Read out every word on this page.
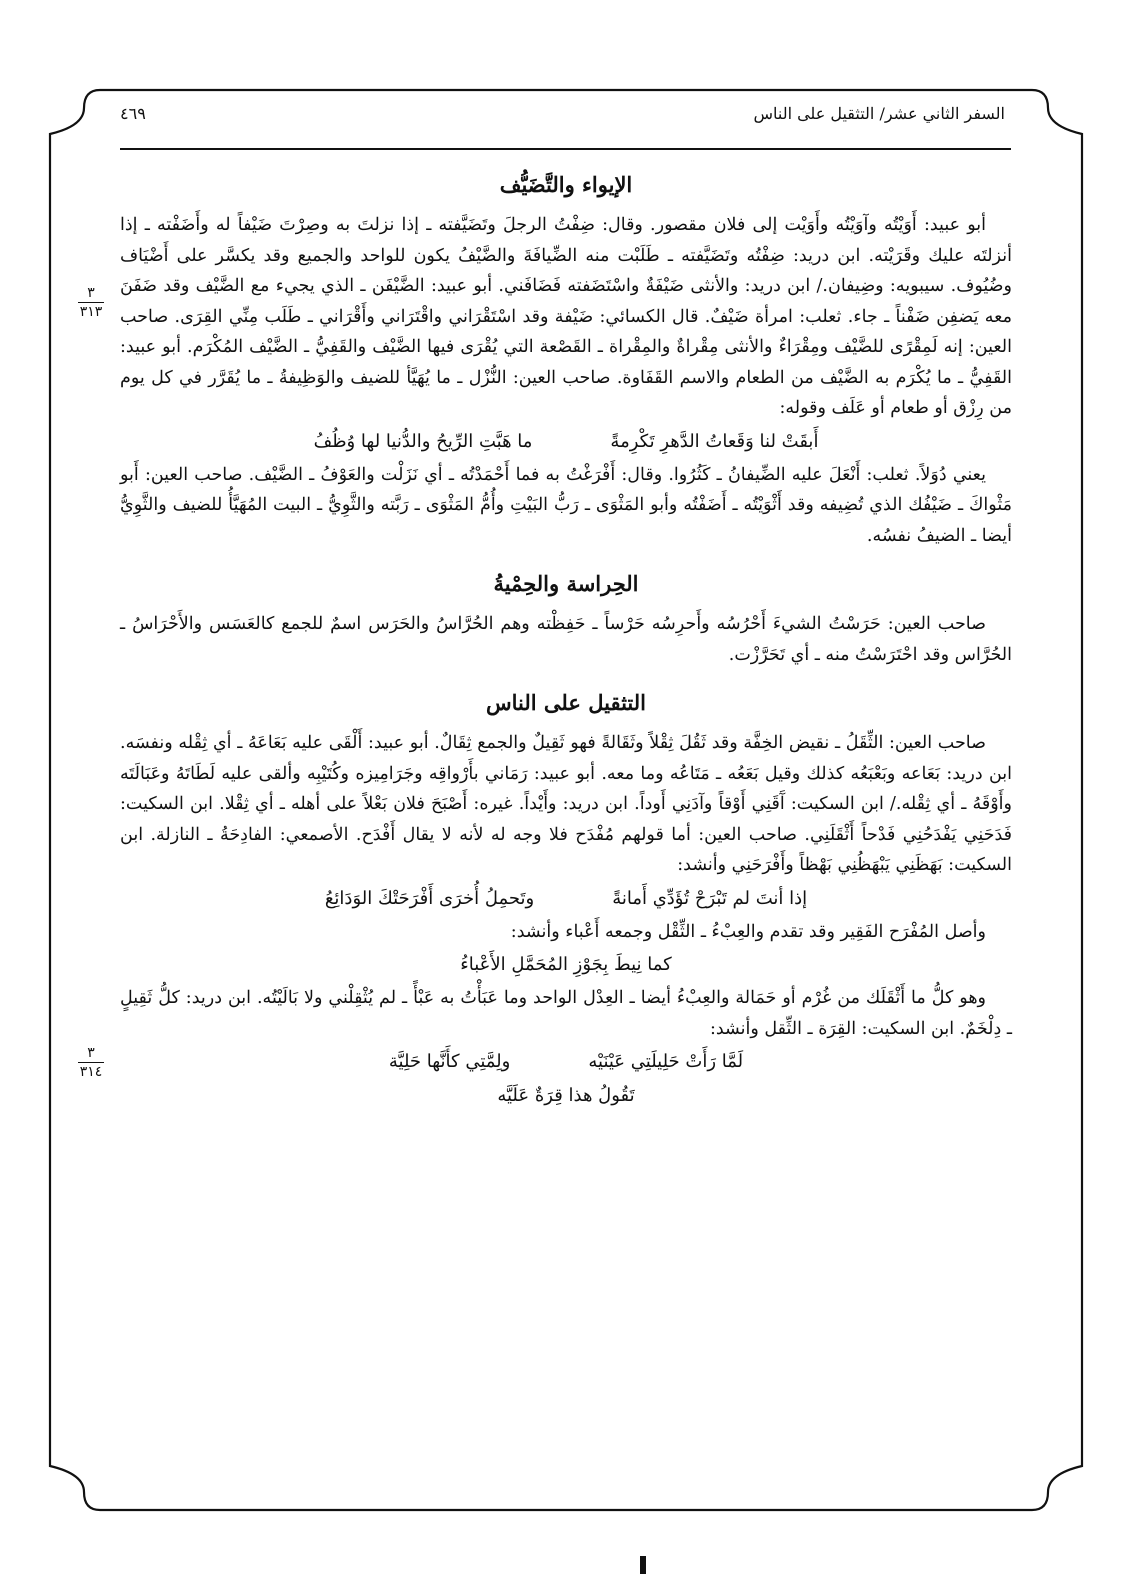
السفر الثاني عشر/ التثقيل على الناس
٤٦٩
الإيواء والتَّضَيُّف

أبو عبيد: أَوَيْتُه وآوَيْتُه وأَوَيْت إلى فلان مقصور. وقال: ضِفْتُ الرجلَ وتَضَيَّفته ـ إذا نزلتَ به وصِرْتَ ضَيْفاً له وأَضَفْته ـ إذا أنزلتَه عليك وقَرَيْته. ابن دريد: ضِفْتُه وتَضَيَّفته ـ طَلَبْت منه الضِّيافَةَ والضَّيْفُ يكون للواحد والجميع وقد يكسَّر على أَضْيَاف وضُيُوف. سيبويه: وضِيفان./ ابن دريد: والأنثى ضَيْفَةٌ واسْتَضَفته فَضَافَني. أبو عبيد: الضَّيْفَن ـ الذي يجيء مع الضَّيْف وقد ضَفَنَ معه يَضفِن ضَفْناً ـ جاء. ثعلب: امرأة ضَيْفٌ. قال الكسائي: ضَيْفة وقد اسْتَقْرَاني واقْتَرَاني وأَقْرَاني ـ طَلَب مِنِّي القِرَى. صاحب العين: إنه لَمِقْرًى للضَّيْف ومِقْرَاءٌ والأنثى مِقْراةٌ والمِقْراة ـ القَصْعة التي يُقْرَى فيها الضَّيْف والقَفِيُّ ـ الضَّيْف المُكْرَم. أبو عبيد: القَفِيُّ ـ ما يُكْرَم به الضَّيْف من الطعام والاسم القَفَاوة. صاحب العين: النُّزْل ـ ما يُهَيَّأ للضيف والوَظِيفةُ ـ ما يُقَرَّر في كل يوم من رِزْق أو طعام أو عَلَف وقوله:

أَبقَتْ لنا وَقَعاتُ الدَّهرِ تَكْرِمةً
ما هَبَّتِ الرِّيحُ والدُّنيا لها وُظُفُ

يعني دُوَلاً. ثعلب: أَنْعَلَ عليه الضِّيفانُ ـ كَثُرُوا. وقال: أَفْرَغْتُ به فما أَحْمَدْتُه ـ أي نَزَلْت والعَوْفُ ـ الضَّيْف. صاحب العين: أَبو مَثْواكَ ـ ضَيْفُك الذي تُضِيفه وقد أَثْوَيْتُه ـ أَضَفْتُه وأبو المَثْوَى ـ رَبُّ البَيْتِ وأُمُّ المَثْوَى ـ رَبَّته والثَّوِيُّ ـ البيت المُهَيَّأُ للضيف والثَّوِيُّ أيضا ـ الضيفُ نفسُه.

الحِراسة والحِمْيةُ

صاحب العين: حَرَسْتُ الشيءَ أَحْرُسُه وأَحرِسُه حَرْساً ـ حَفِظْته وهم الحُرَّاسُ والحَرَس اسمٌ للجمع كالعَسَس والأَحْرَاسُ ـ الحُرَّاس وقد احْتَرَسْتُ منه ـ أي تَحَرَّزْت.

التثقيل على الناس

صاحب العين: الثِّقَلُ ـ نقيض الخِفَّة وقد ثَقُلَ ثِقْلاً وثَقَالةً فهو ثَقِيلٌ والجمع ثِقَالٌ. أبو عبيد: أَلْقَى عليه بَعَاعَهُ ـ أي ثِقْله ونفسَه. ابن دريد: بَعَاعه وبَعْبَعُه كذلك وقيل بَعَعُه ـ مَتَاعُه وما معه. أبو عبيد: رَمَاني بأَرْواقِه وجَرَامِيزه وكُتَيْبِه وألقى عليه لَطَاتَهُ وعَبَالَتَه وأَوْقَهُ ـ أي ثِقْله./ ابن السكيت: آَقَنِي أَوْقاً وآدَنِي أَوداً. ابن دريد: وأَيْداً. غيره: أَصْبَحَ فلان بَعْلاً على أهله ـ أي ثِقْلا. ابن السكيت: فَدَحَنِي يَفْدَحُنِي فَدْحاً أَثْقَلَنِي. صاحب العين: أما قولهم مُفْدَح فلا وجه له لأنه لا يقال أَفْدَح. الأصمعي: الفادِحَةُ ـ النازلة. ابن السكيت: بَهَظَنِي يَبْهَظُنِي بَهْظاً وأَفْرَحَنِي وأنشد:

إذا أنتَ لم تَبْرَحْ تُؤَدِّي أَمانةً
وتَحمِلُ أُخرَى أَفْرَحَتْكَ الوَدَائِعُ

وأصل المُفْرَح الفَقِير وقد تقدم والعِبْءُ ـ الثِّقْل وجمعه أَعْباء وأنشد:

كما نِيطَ بِجَوْزِ المُحَمَّلِ الأَعْباءُ

وهو كلُّ ما أَثْقَلَك من غُرْم أو حَمَالة والعِبْءُ أيضا ـ العِدْل الواحد وما عَبَأْتُ به عَبْأً ـ لم يُثْقِلْني ولا بَالَيْتُه. ابن دريد: كلُّ ثَقِيلٍ ـ دِلْخَمٌ. ابن السكيت: القِرَة ـ الثِّقل وأنشد:

لَمَّا رَأَتْ حَلِيلَتِي عَيْنَيْه
ولِمَّتِي كأَنَّها حَلِيَّة
تَقُولُ هذا قِرَةٌ عَلَيَّه
٣
٣١٣
٣
٣١٤
